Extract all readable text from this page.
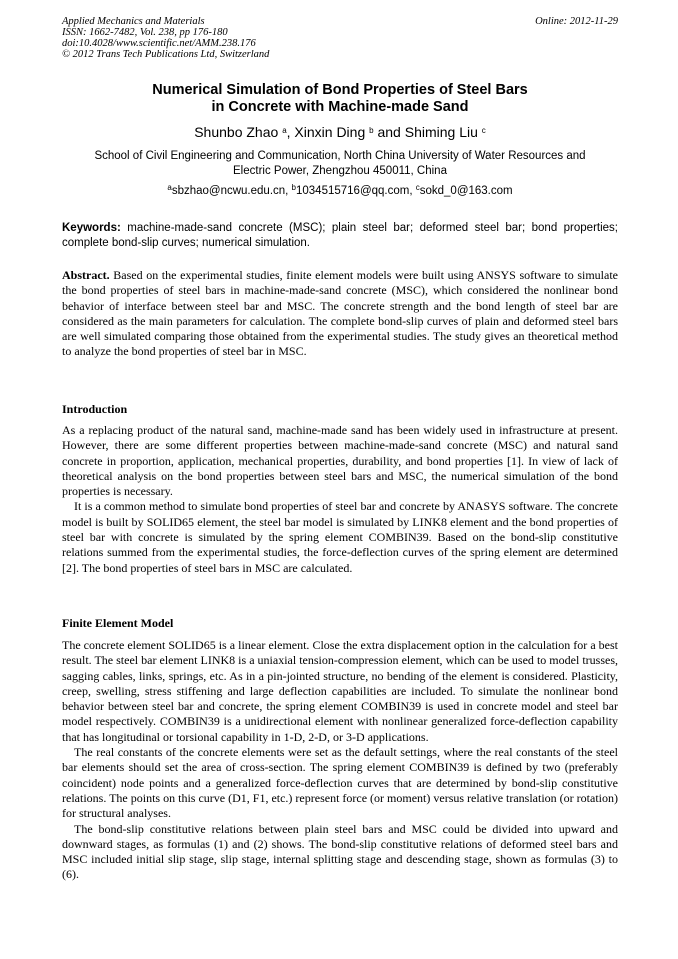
Applied Mechanics and Materials
ISSN: 1662-7482, Vol. 238, pp 176-180
doi:10.4028/www.scientific.net/AMM.238.176
© 2012 Trans Tech Publications Ltd, Switzerland
Online: 2012-11-29
Numerical Simulation of Bond Properties of Steel Bars
in Concrete with Machine-made Sand
Shunbo Zhao $^a$, Xinxin Ding $^b$ and Shiming Liu $^c$
School of Civil Engineering and Communication, North China University of Water Resources and
Electric Power, Zhengzhou 450011, China
$^a$sbzhao@ncwu.edu.cn, $^b$1034515716@qq.com, $^c$sokd_0@163.com
Keywords: machine-made-sand concrete (MSC); plain steel bar; deformed steel bar; bond properties; complete bond-slip curves; numerical simulation.
Abstract. Based on the experimental studies, finite element models were built using ANSYS software to simulate the bond properties of steel bars in machine-made-sand concrete (MSC), which considered the nonlinear bond behavior of interface between steel bar and MSC. The concrete strength and the bond length of steel bar are considered as the main parameters for calculation. The complete bond-slip curves of plain and deformed steel bars are well simulated comparing those obtained from the experimental studies. The study gives an theoretical method to analyze the bond properties of steel bar in MSC.
Introduction

As a replacing product of the natural sand, machine-made sand has been widely used in infrastructure at present. However, there are some different properties between machine-made-sand concrete (MSC) and natural sand concrete in proportion, application, mechanical properties, durability, and bond properties [1]. In view of lack of theoretical analysis on the bond properties between steel bars and MSC, the numerical simulation of the bond properties is necessary.

It is a common method to simulate bond properties of steel bar and concrete by ANASYS software. The concrete model is built by SOLID65 element, the steel bar model is simulated by LINK8 element and the bond properties of steel bar with concrete is simulated by the spring element COMBIN39. Based on the bond-slip constitutive relations summed from the experimental studies, the force-deflection curves of the spring element are determined [2]. The bond properties of steel bars in MSC are calculated.

Finite Element Model

The concrete element SOLID65 is a linear element. Close the extra displacement option in the calculation for a best result. The steel bar element LINK8 is a uniaxial tension-compression element, which can be used to model trusses, sagging cables, links, springs, etc. As in a pin-jointed structure, no bending of the element is considered. Plasticity, creep, swelling, stress stiffening and large deflection capabilities are included. To simulate the nonlinear bond behavior between steel bar and concrete, the spring element COMBIN39 is used in concrete model and steel bar model respectively. COMBIN39 is a unidirectional element with nonlinear generalized force-deflection capability that has longitudinal or torsional capability in 1-D, 2-D, or 3-D applications.

The real constants of the concrete elements were set as the default settings, where the real constants of the steel bar elements should set the area of cross-section. The spring element COMBIN39 is defined by two (preferably coincident) node points and a generalized force-deflection curves that are determined by bond-slip constitutive relations. The points on this curve (D1, F1, etc.) represent force (or moment) versus relative translation (or rotation) for structural analyses.

The bond-slip constitutive relations between plain steel bars and MSC could be divided into upward and downward stages, as formulas (1) and (2) shows. The bond-slip constitutive relations of deformed steel bars and MSC included initial slip stage, slip stage, internal splitting stage and descending stage, shown as formulas (3) to (6).
